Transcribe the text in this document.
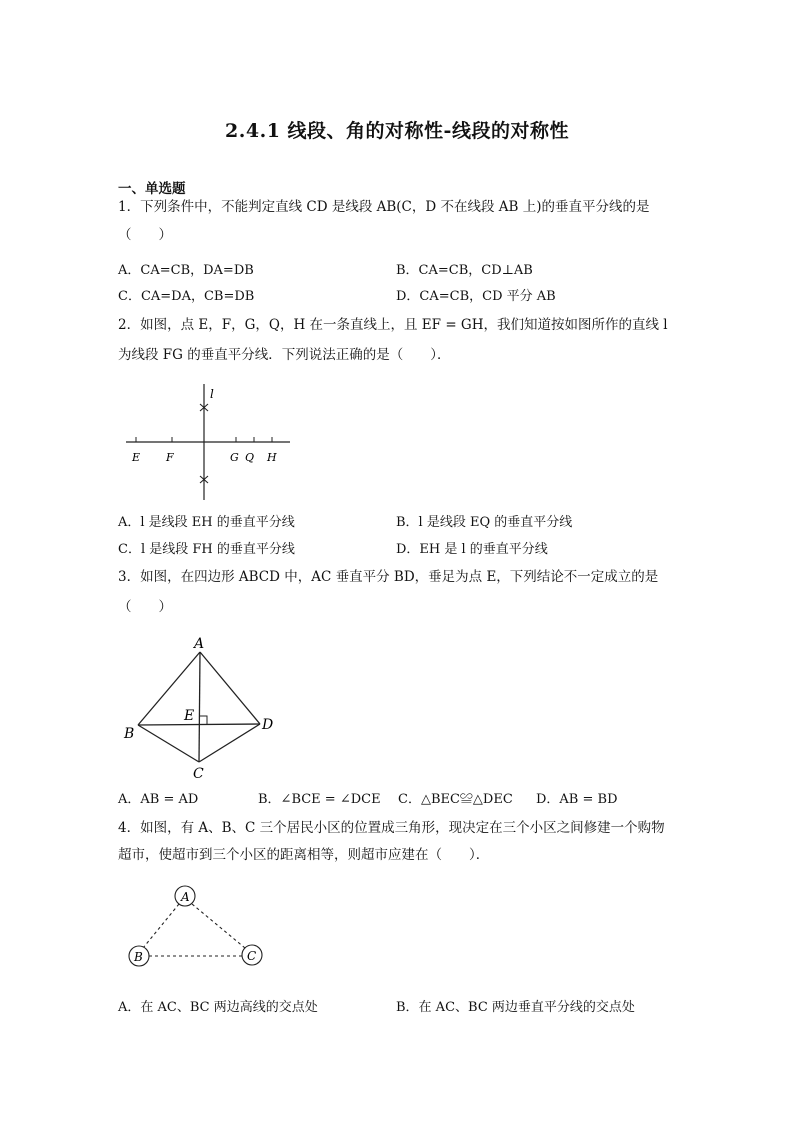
2.4.1 线段、角的对称性-线段的对称性
一、单选题
1．下列条件中，不能判定直线 CD 是线段 AB(C，D 不在线段 AB 上)的垂直平分线的是
（　　）
A．CA=CB，DA=DB	B．CA=CB，CD⊥AB
C．CA=DA，CB=DB	D．CA=CB，CD 平分 AB
2．如图，点 E，F，G，Q，H 在一条直线上，且 EF = GH，我们知道按如图所作的直线 l
为线段 FG 的垂直平分线．下列说法正确的是（　　）．
l
E F	G Q H
A．l 是线段 EH 的垂直平分线	B．l 是线段 EQ 的垂直平分线
C．l 是线段 FH 的垂直平分线	D．EH 是 l 的垂直平分线
3．如图，在四边形 ABCD 中，AC 垂直平分 BD，垂足为点 E，下列结论不一定成立的是
（　　）
A
B
C
D
E
A．AB = AD	B．∠BCE = ∠DCE C．△BEC≌△DEC D．AB = BD
4．如图，有 A、B、C 三个居民小区的位置成三角形，现决定在三个小区之间修建一个购物
超市，使超市到三个小区的距离相等，则超市应建在（　　）．
A
B	C
A．在 AC、BC 两边高线的交点处	B．在 AC、BC 两边垂直平分线的交点处
